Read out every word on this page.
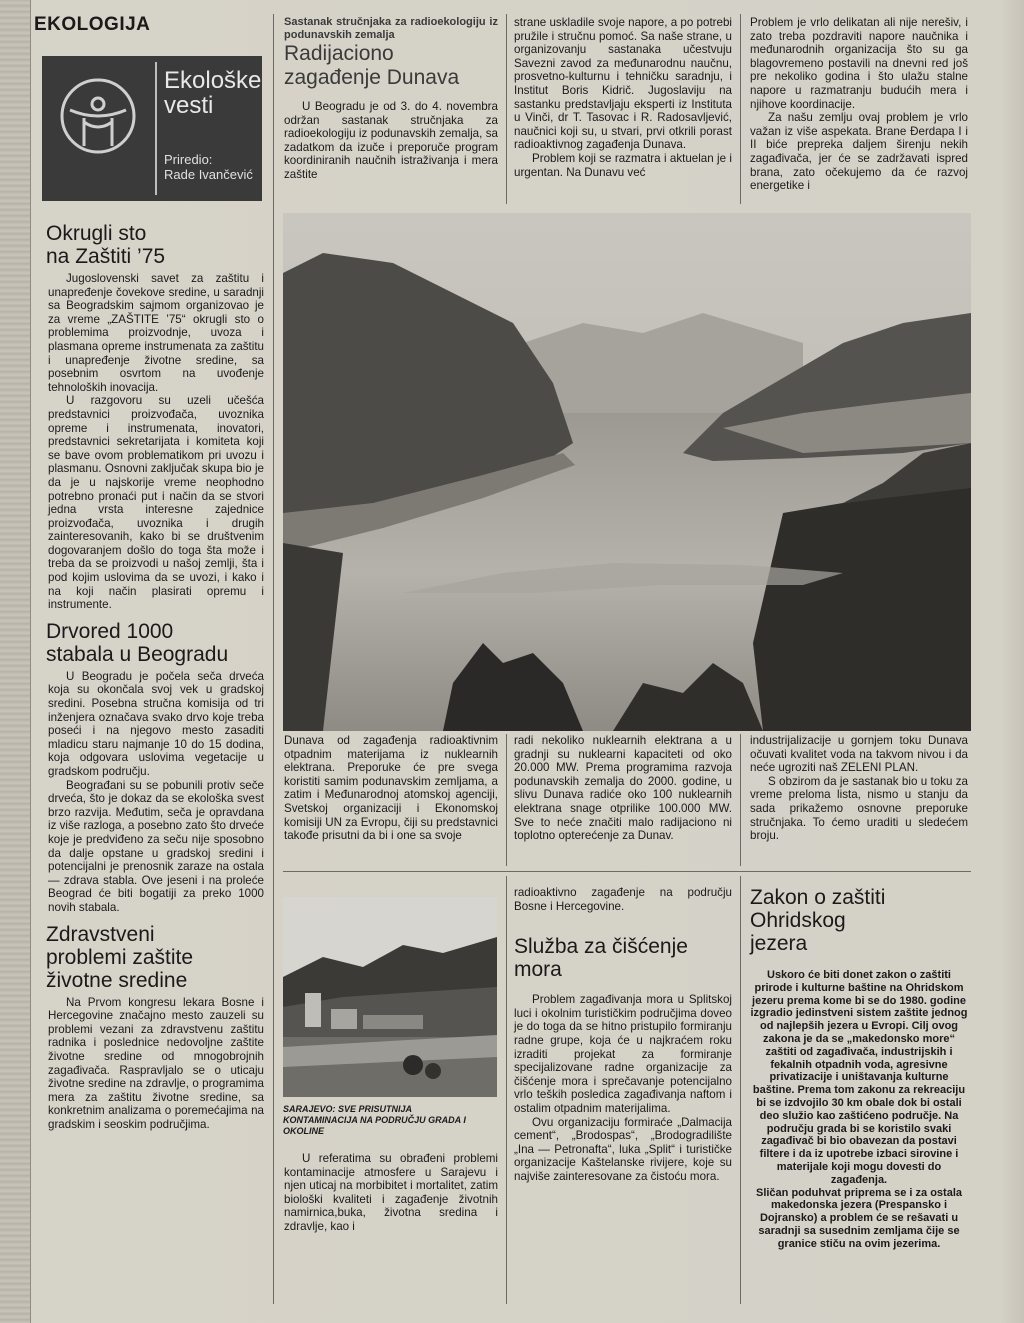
EKOLOGIJA
Ekološke
vesti
Priredio:
Rade Ivančević
Okrugli sto
na Zaštiti ’75

Jugoslovenski savet za zaštitu i unapređenje čovekove sredine, u saradnji sa Beogradskim sajmom organizovao je za vreme „ZAŠTITE ’75“ okrugli sto o problemima proizvodnje, uvoza i plasmana opreme instrumenata za zaštitu i unapređenje životne sredine, sa posebnim osvrtom na uvođenje tehnoloških inovacija.

U razgovoru su uzeli učešća predstavnici proizvođača, uvoznika opreme i instrumenata, inovatori, predstavnici sekretarijata i komiteta koji se bave ovom problematikom pri uvozu i plasmanu. Osnovni zaključak skupa bio je da je u najskorije vreme neophodno potrebno pronaći put i način da se stvori jedna vrsta interesne zajednice proizvođača, uvoznika i drugih zainteresovanih, kako bi se društvenim dogovaranjem došlo do toga šta može i treba da se proizvodi u našoj zemlji, šta i pod kojim uslovima da se uvozi, i kako i na koji način plasirati opremu i instrumente.

Drvored 1000
stabala u Beogradu

U Beogradu je počela seča drveća koja su okončala svoj vek u gradskoj sredini. Posebna stručna komisija od tri inženjera označava svako drvo koje treba poseći i na njegovo mesto zasaditi mladicu staru najmanje 10 do 15 dodina, koja odgovara uslovima vegetacije u gradskom području.

Beograđani su se pobunili protiv seče drveća, što je dokaz da se ekološka svest brzo razvija. Međutim, seča je opravdana iz više razloga, a posebno zato što drveće koje je predviđeno za seču nije sposobno da dalje opstane u gradskoj sredini i potencijalni je prenosnik zaraze na ostala — zdrava stabla. Ove jeseni i na proleće Beograd će biti bogatiji za preko 1000 novih stabala.

Zdravstveni
problemi zaštite
životne sredine

Na Prvom kongresu lekara Bosne i Hercegovine značajno mesto zauzeli su problemi vezani za zdravstvenu zaštitu radnika i poslednice nedovoljne zaštite životne sredine od mnogobrojnih zagađivača. Raspravljalo se o uticaju životne sredine na zdravlje, o programima mera za zaštitu životne sredine, sa konkretnim analizama o poremećajima na gradskim i seoskim područjima.

Sastanak stručnjaka za radioekologiju iz podunavskih zemalja

Radijaciono
zagađenje Dunava

U Beogradu je od 3. do 4. novembra održan sastanak stručnjaka za radioekologiju iz podunavskih zemalja, sa zadatkom da izuče i preporuče program koordiniranih naučnih istraživanja i mera zaštite

strane uskladile svoje napore, a po potrebi pružile i stručnu pomoć. Sa naše strane, u organizovanju sastanaka učestvuju Savezni zavod za međunarodnu naučnu, prosvetno-kulturnu i tehničku saradnju, i Institut Boris Kidrič. Jugoslaviju na sastanku predstavljaju eksperti iz Instituta u Vinči, dr T. Tasovac i R. Radosavljević, naučnici koji su, u stvari, prvi otkrili porast radioaktivnog zagađenja Dunava.

Problem koji se razmatra i aktuelan je i urgentan. Na Dunavu već

Problem je vrlo delikatan ali nije nerešiv, i zato treba pozdraviti napore naučnika i međunarodnih organizacija što su ga blagovremeno postavili na dnevni red još pre nekoliko godina i što ulažu stalne napore u razmatranju budućih mera i njihove koordinacije.

Za našu zemlju ovaj problem je vrlo važan iz više aspekata. Brane Đerdapa I i II biće prepreka daljem širenju nekih zagađivača, jer će se zadržavati ispred brana, zato očekujemo da će razvoj energetike i

Dunava od zagađenja radioaktivnim otpadnim materijama iz nuklearnih elektrana. Preporuke će pre svega koristiti samim podunavskim zemljama, a zatim i Međunarodnoj atomskoj agenciji, Svetskoj organizaciji i Ekonomskoj komisiji UN za Evropu, čiji su predstavnici takođe prisutni da bi i one sa svoje

radi nekoliko nuklearnih elektrana a u gradnji su nuklearni kapaciteti od oko 20.000 MW. Prema programima razvoja podunavskih zemalja do 2000. godine, u slivu Dunava radiće oko 100 nuklearnih elektrana snage otprilike 100.000 MW. Sve to neće značiti malo radijaciono ni toplotno opterećenje za Dunav.

industrijalizacije u gornjem toku Dunava očuvati kvalitet voda na takvom nivou i da neće ugroziti naš ZELENI PLAN.

S obzirom da je sastanak bio u toku za vreme preloma lista, nismo u stanju da sada prikažemo osnovne preporuke stručnjaka. To ćemo uraditi u sledećem broju.

SARAJEVO: SVE PRISUTNIJA
KONTAMINACIJA NA PODRUČJU GRADA I
OKOLINE

U referatima su obrađeni problemi kontaminacije atmosfere u Sarajevu i njen uticaj na morbibitet i mortalitet, zatim biološki kvaliteti i zagađenje životnih namirnica,buka, životna sredina i zdravlje, kao i

radioaktivno zagađenje na području Bosne i Hercegovine.

Služba za čišćenje
mora

Problem zagađivanja mora u Splitskoj luci i okolnim turističkim područjima doveo je do toga da se hitno pristupilo formiranju radne grupe, koja će u najkraćem roku izraditi projekat za formiranje specijalizovane radne organizacije za čišćenje mora i sprečavanje potencijalno vrlo teških posledica zagađivanja naftom i ostalim otpadnim materijalima.

Ovu organizaciju formiraće „Dalmacija cement“, „Brodospas“, „Brodogradilište „Ina — Petronafta“, luka „Split“ i turističke organizacije Kaštelanske rivijere, koje su najviše zainteresovane za čistoću mora.

Zakon o zaštiti
Ohridskog
jezera

Uskoro će biti donet zakon o zaštiti prirode i kulturne baštine na Ohridskom jezeru prema kome bi se do 1980. godine izgradio jedinstveni sistem zaštite jednog od najlepših jezera u Evropi. Cilj ovog zakona je da se „makedonsko more“ zaštiti od zagađivača, industrijskih i fekalnih otpadnih voda, agresivne privatizacije i uništavanja kulturne baštine. Prema tom zakonu za rekreaciju bi se izdvojilo 30 km obale dok bi ostali deo služio kao zaštićeno područje. Na području grada bi se koristilo svaki zagađivač bi bio obavezan da postavi filtere i da iz upotrebe izbaci sirovine i materijale koji mogu dovesti do zagađenja.

Sličan poduhvat priprema se i za ostala makedonska jezera (Prespansko i Dojransko) a problem će se rešavati u saradnji sa susednim zemljama čije se granice stiču na ovim jezerima.
